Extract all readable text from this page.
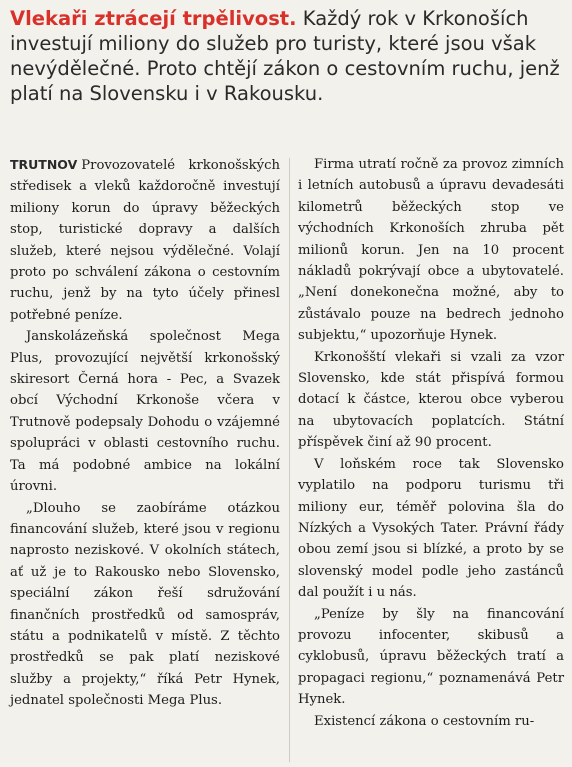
Vlekaři ztrácejí trpělivost. Každý rok v Krkonoších investují miliony do služeb pro turisty, které jsou však nevýdělečné. Proto chtějí zákon o cestovním ruchu, jenž platí na Slovensku i v Rakousku.

TRUTNOV Provozovatelé krkonošských středisek a vleků každoročně investují miliony korun do úpravy běžeckých stop, turistické dopravy a dalších služeb, které nejsou výdělečné. Volají proto po schválení zákona o cestovním ruchu, jenž by na tyto účely přinesl potřebné peníze.

Janskolázeňská společnost Mega Plus, provozující největší krkonošský skiresort Černá hora - Pec, a Svazek obcí Východní Krkonoše včera v Trutnově podepsaly Dohodu o vzájemné spolupráci v oblasti cestovního ruchu. Ta má podobné ambice na lokální úrovni.

„Dlouho se zaobíráme otázkou financování služeb, které jsou v regionu naprosto neziskové. V okolních státech, ať už je to Rakousko nebo Slovensko, speciální zákon řeší sdružování finančních prostředků od samospráv, státu a podnikatelů v místě. Z těchto prostředků se pak platí neziskové služby a projekty,“ říká Petr Hynek, jednatel společnosti Mega Plus.

Firma utratí ročně za provoz zimních i letních autobusů a úpravu devadesáti kilometrů běžeckých stop ve východních Krkonoších zhruba pět milionů korun. Jen na 10 procent nákladů pokrývají obce a ubytovatelé. „Není donekonečna možné, aby to zůstávalo pouze na bedrech jednoho subjektu,“ upozorňuje Hynek.

Krkonošští vlekaři si vzali za vzor Slovensko, kde stát přispívá formou dotací k částce, kterou obce vyberou na ubytovacích poplatcích. Státní příspěvek činí až 90 procent.

V loňském roce tak Slovensko vyplatilo na podporu turismu tři miliony eur, téměř polovina šla do Nízkých a Vysokých Tater. Právní řády obou zemí jsou si blízké, a proto by se slovenský model podle jeho zastánců dal použít i u nás.

„Peníze by šly na financování provozu infocenter, skibusů a cyklobusů, úpravu běžeckých tratí a propagaci regionu,“ poznamenává Petr Hynek.

Existencí zákona o cestovním ru-
